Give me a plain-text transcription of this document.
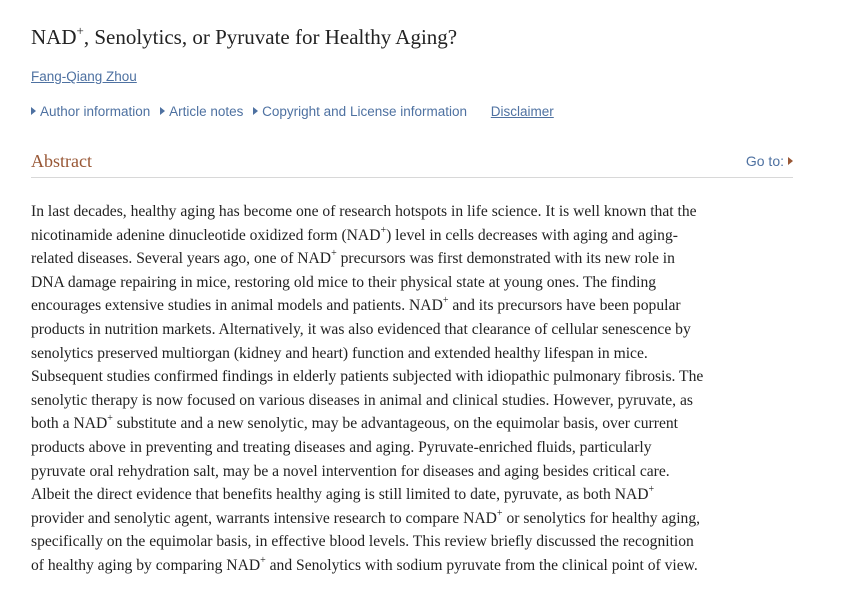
NAD+, Senolytics, or Pyruvate for Healthy Aging?
Fang-Qiang Zhou
Author information Article notes Copyright and License information Disclaimer
Abstract	Go to:
In last decades, healthy aging has become one of research hotspots in life science. It is well known that the
nicotinamide adenine dinucleotide oxidized form (NAD+) level in cells decreases with aging and aging-
related diseases. Several years ago, one of NAD+ precursors was first demonstrated with its new role in
DNA damage repairing in mice, restoring old mice to their physical state at young ones. The finding
encourages extensive studies in animal models and patients. NAD+ and its precursors have been popular
products in nutrition markets. Alternatively, it was also evidenced that clearance of cellular senescence by
senolytics preserved multiorgan (kidney and heart) function and extended healthy lifespan in mice.
Subsequent studies confirmed findings in elderly patients subjected with idiopathic pulmonary fibrosis. The
senolytic therapy is now focused on various diseases in animal and clinical studies. However, pyruvate, as
both a NAD+ substitute and a new senolytic, may be advantageous, on the equimolar basis, over current
products above in preventing and treating diseases and aging. Pyruvate-enriched fluids, particularly
pyruvate oral rehydration salt, may be a novel intervention for diseases and aging besides critical care.
Albeit the direct evidence that benefits healthy aging is still limited to date, pyruvate, as both NAD+
provider and senolytic agent, warrants intensive research to compare NAD+ or senolytics for healthy aging,
specifically on the equimolar basis, in effective blood levels. This review briefly discussed the recognition
of healthy aging by comparing NAD+ and Senolytics with sodium pyruvate from the clinical point of view.
